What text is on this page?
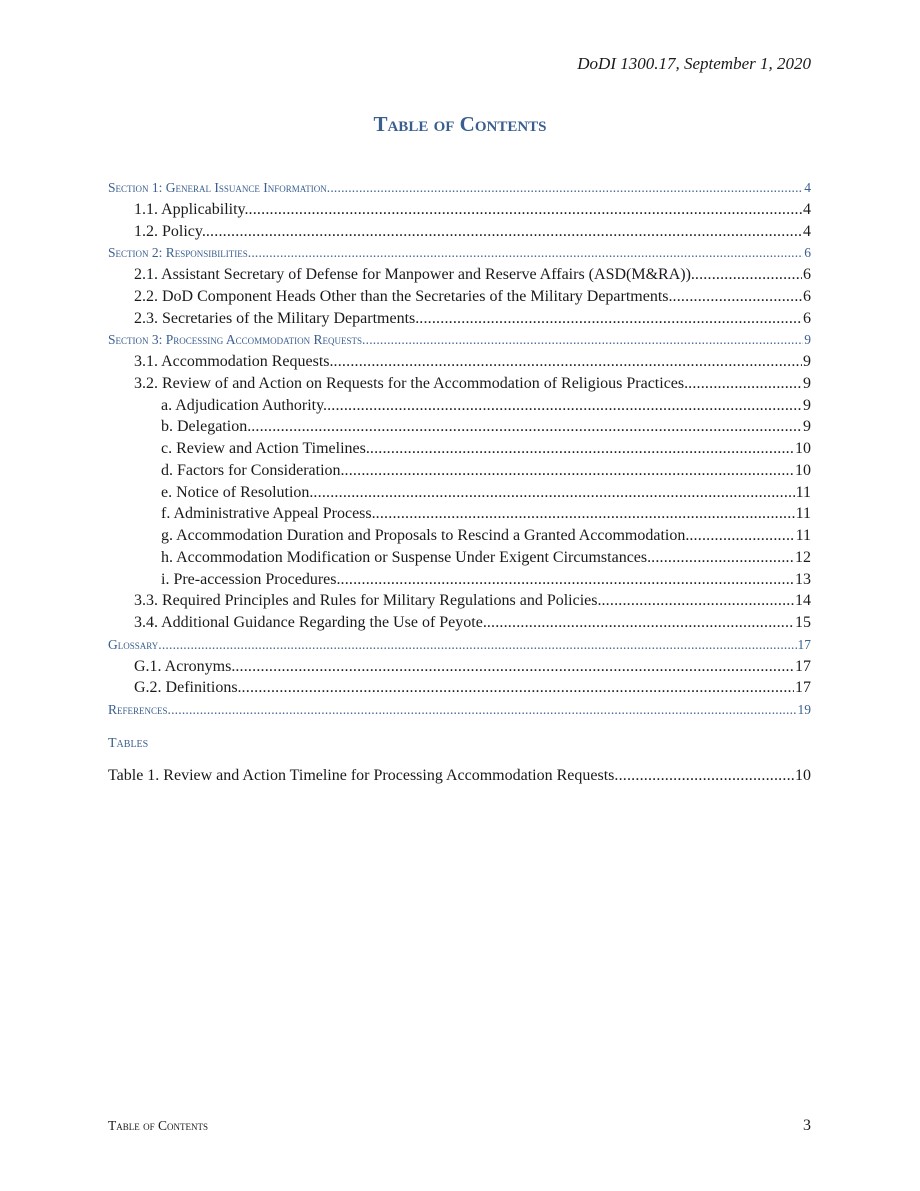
DoDI 1300.17, September 1, 2020
Table of Contents
Section 1: General Issuance Information .....	4
1.1. Applicability. .....	4
1.2. Policy. .....	4
Section 2: Responsibilities .....	6
2.1. Assistant Secretary of Defense for Manpower and Reserve Affairs (ASD(M&RA)). .....	6
2.2. DoD Component Heads Other than the Secretaries of the Military Departments. .....	6
2.3. Secretaries of the Military Departments. .....	6
Section 3: Processing Accommodation Requests .....	9
3.1. Accommodation Requests. .....	9
3.2. Review of and Action on Requests for the Accommodation of Religious Practices. .....	9
a. Adjudication Authority. .....	9
b. Delegation. .....	9
c. Review and Action Timelines. .....	10
d. Factors for Consideration. .....	10
e. Notice of Resolution. .....	11
f. Administrative Appeal Process. .....	11
g. Accommodation Duration and Proposals to Rescind a Granted Accommodation. .....	11
h. Accommodation Modification or Suspense Under Exigent Circumstances. .....	12
i. Pre-accession Procedures. .....	13
3.3. Required Principles and Rules for Military Regulations and Policies. .....	14
3.4. Additional Guidance Regarding the Use of Peyote. .....	15
Glossary .....	17
G.1. Acronyms. .....	17
G.2. Definitions. .....	17
References .....	19
Tables
Table 1. Review and Action Timeline for Processing Accommodation Requests .....	10
Table of Contents	3
